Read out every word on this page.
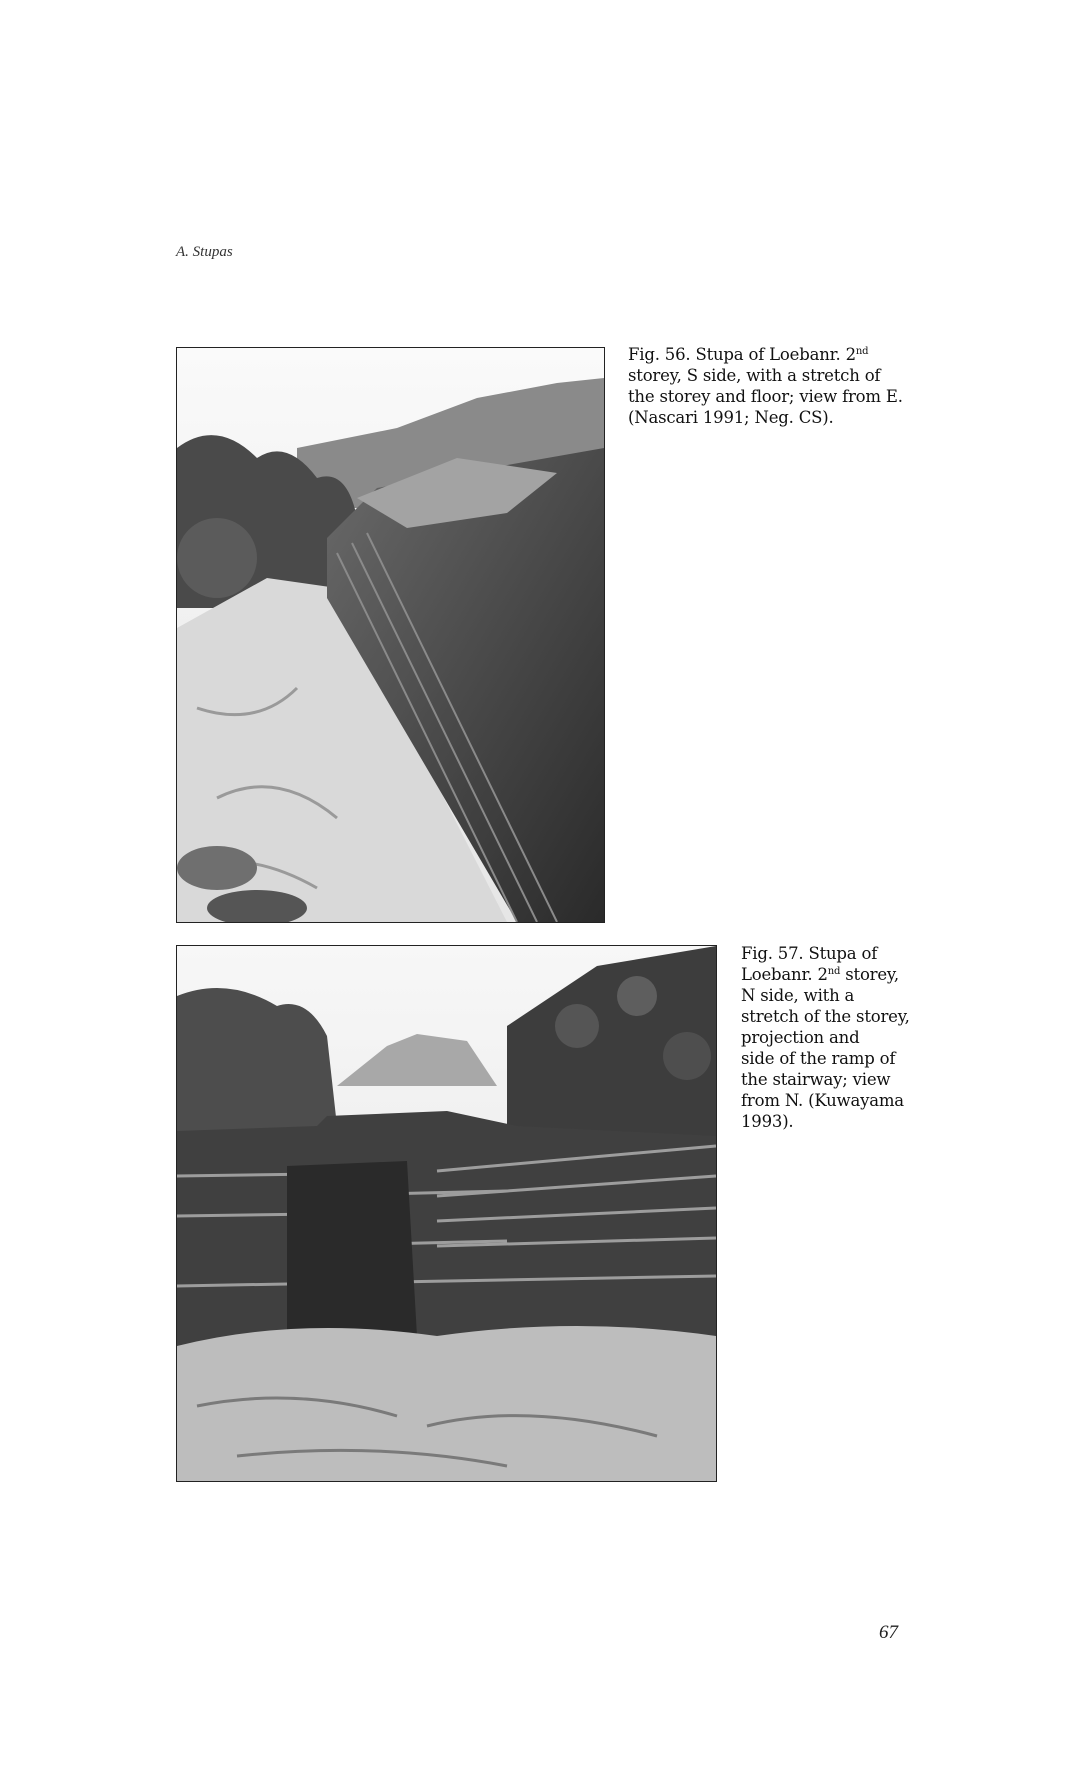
A. Stupas

Fig. 56. Stupa of Loebanr. 2nd

storey, S side, with a stretch of

the storey and floor; view from E.

(Nascari 1991; Neg. CS).

Fig. 57. Stupa of

Loebanr. 2nd storey,

N side, with a

stretch of the storey,

projection and

side of the ramp of

the stairway; view

from N. (Kuwayama

1993).

67
